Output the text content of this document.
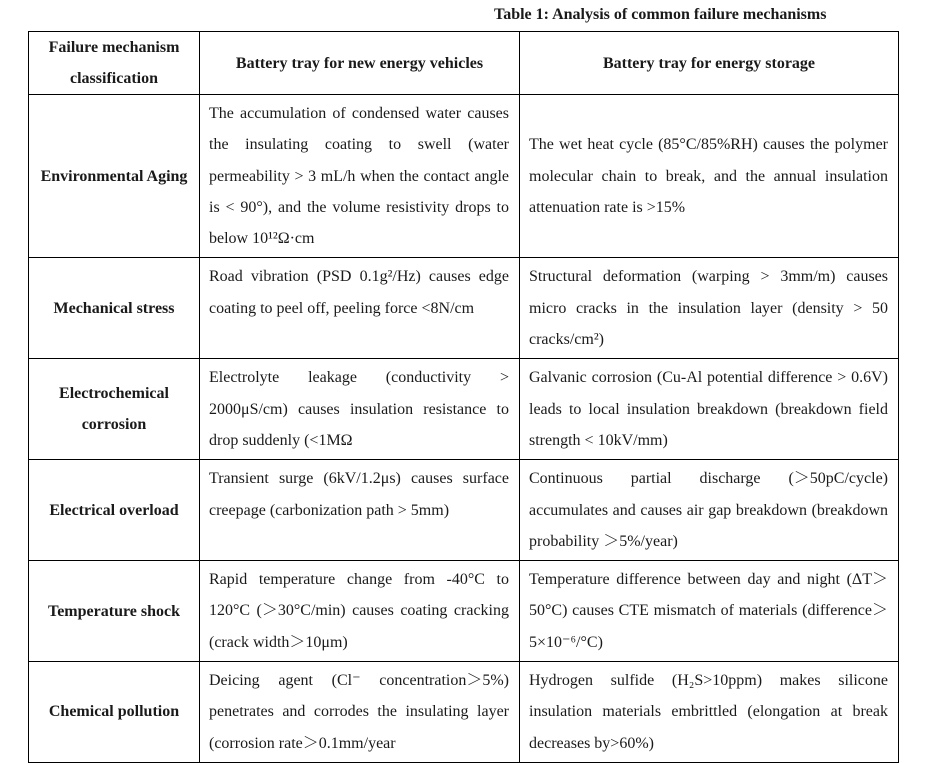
Table 1: Analysis of common failure mechanisms
Failure mechanism classification	Battery tray for new energy vehicles	Battery tray for energy storage
Environmental Aging	The accumulation of condensed water causes the insulating coating to swell (water permeability > 3 mL/h when the contact angle is < 90°), and the volume resistivity drops to below 10¹²Ω·cm	The wet heat cycle (85°C/85%RH) causes the polymer molecular chain to break, and the annual insulation attenuation rate is >15%
Mechanical stress	Road vibration (PSD 0.1g²/Hz) causes edge coating to peel off, peeling force <8N/cm	Structural deformation (warping > 3mm/m) causes micro cracks in the insulation layer (density > 50 cracks/cm²)
Electrochemical corrosion	Electrolyte leakage (conductivity > 2000μS/cm) causes insulation resistance to drop suddenly (<1MΩ	Galvanic corrosion (Cu-Al potential difference > 0.6V) leads to local insulation breakdown (breakdown field strength < 10kV/mm)
Electrical overload	Transient surge (6kV/1.2μs) causes surface creepage (carbonization path > 5mm)	Continuous partial discharge (＞50pC/cycle) accumulates and causes air gap breakdown (breakdown probability ＞5%/year)
Temperature shock	Rapid temperature change from -40°C to 120°C (＞30°C/min) causes coating cracking (crack width＞10μm)	Temperature difference between day and night (ΔT＞50°C) causes CTE mismatch of materials (difference＞5×10⁻⁶/°C)
Chemical pollution	Deicing agent (Cl⁻ concentration＞5%) penetrates and corrodes the insulating layer (corrosion rate＞0.1mm/year	Hydrogen sulfide (H₂S>10ppm) makes silicone insulation materials embrittled (elongation at break decreases by>60%)
